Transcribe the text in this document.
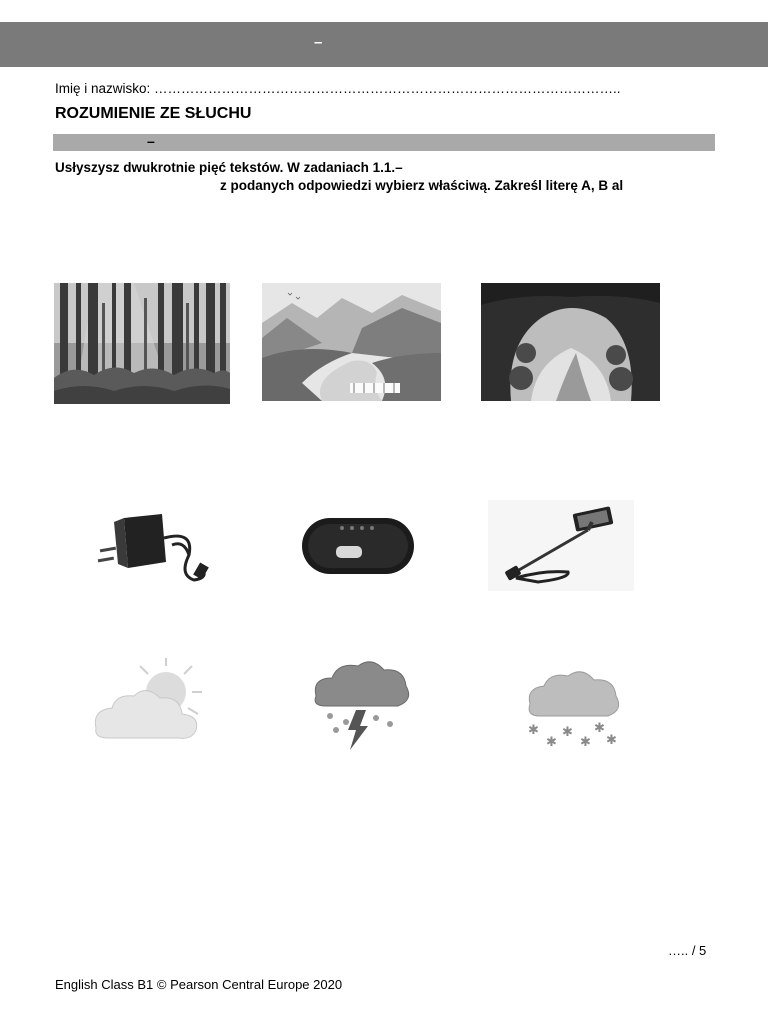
–
Imię i nazwisko: …………………………………………………………………………………………..
ROZUMIENIE ZE SŁUCHU
–
Usłyszysz dwukrotnie pięć tekstów. W zadaniach 1.1.–
z podanych odpowiedzi wybierz właściwą. Zakreśl literę A, B al
✱
✱
✱
✱
✱
✱
….. / 5
English Class B1 © Pearson Central Europe 2020
